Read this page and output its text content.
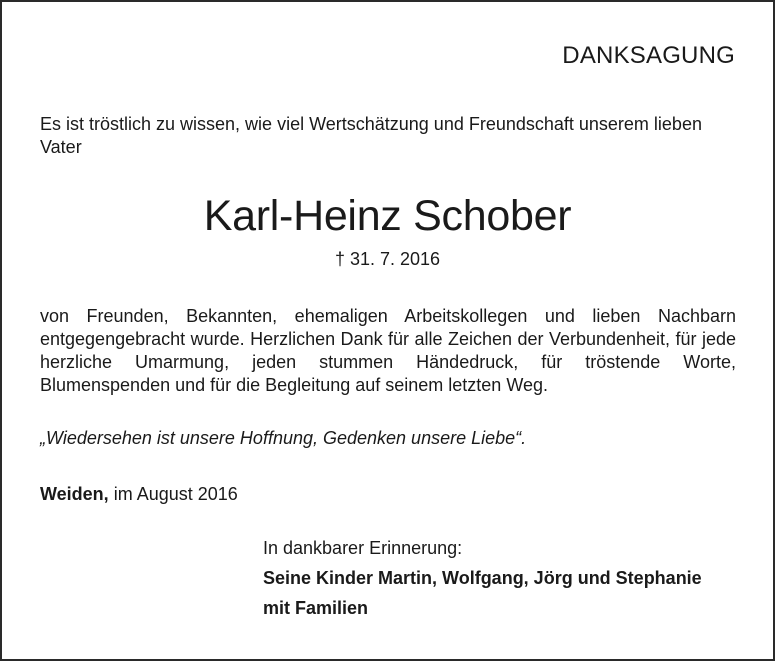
DANKSAGUNG
Es ist tröstlich zu wissen, wie viel Wertschätzung und Freundschaft unserem lieben Vater
Karl-Heinz Schober
† 31. 7. 2016
von Freunden, Bekannten, ehemaligen Arbeitskollegen und lieben Nachbarn entgegengebracht wurde. Herzlichen Dank für alle Zeichen der Verbundenheit, für jede herzliche Umarmung, jeden stummen Händedruck, für tröstende Worte, Blumenspenden und für die Begleitung auf seinem letzten Weg.
„Wiedersehen ist unsere Hoffnung, Gedenken unsere Liebe“.
Weiden, im August 2016
In dankbarer Erinnerung:
Seine Kinder Martin, Wolfgang, Jörg und Stephanie
mit Familien
